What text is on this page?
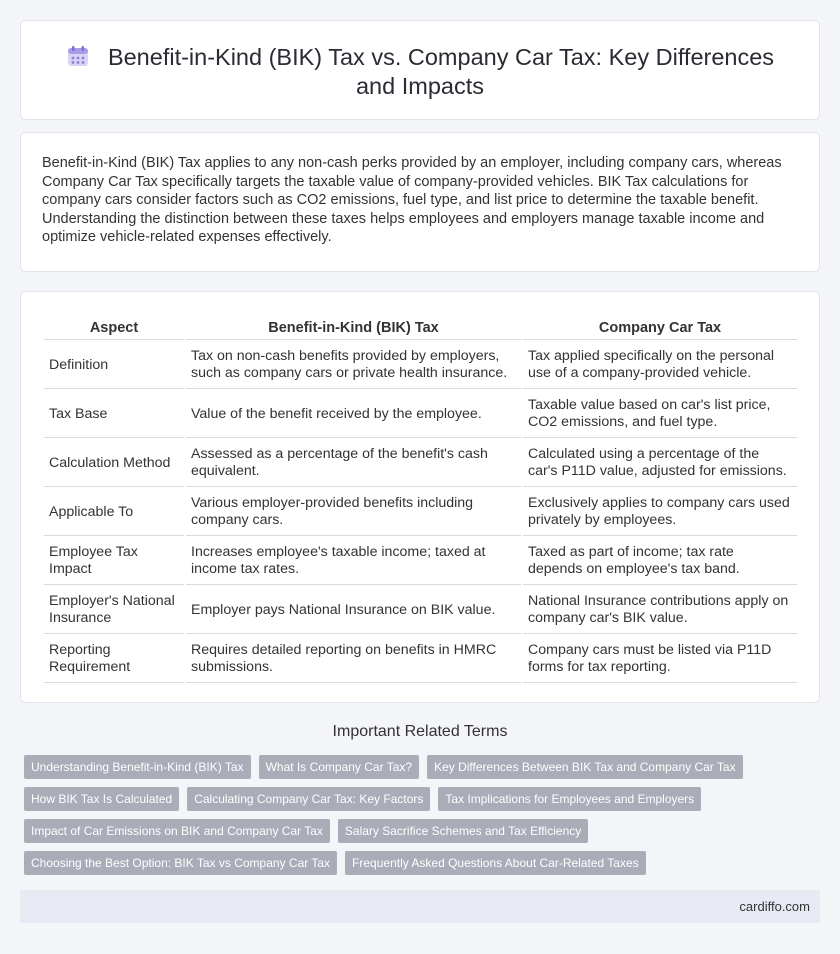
Benefit-in-Kind (BIK) Tax vs. Company Car Tax: Key Differences and Impacts

Benefit-in-Kind (BIK) Tax applies to any non-cash perks provided by an employer, including company cars, whereas Company Car Tax specifically targets the taxable value of company-provided vehicles. BIK Tax calculations for company cars consider factors such as CO2 emissions, fuel type, and list price to determine the taxable benefit. Understanding the distinction between these taxes helps employees and employers manage taxable income and optimize vehicle-related expenses effectively.

Aspect	Benefit-in-Kind (BIK) Tax	Company Car Tax
Definition	Tax on non-cash benefits provided by employers, such as company cars or private health insurance.	Tax applied specifically on the personal use of a company-provided vehicle.
Tax Base	Value of the benefit received by the employee.	Taxable value based on car's list price, CO2 emissions, and fuel type.
Calculation Method	Assessed as a percentage of the benefit's cash equivalent.	Calculated using a percentage of the car's P11D value, adjusted for emissions.
Applicable To	Various employer-provided benefits including company cars.	Exclusively applies to company cars used privately by employees.
Employee Tax Impact	Increases employee's taxable income; taxed at income tax rates.	Taxed as part of income; tax rate depends on employee's tax band.
Employer's National Insurance	Employer pays National Insurance on BIK value.	National Insurance contributions apply on company car's BIK value.
Reporting Requirement	Requires detailed reporting on benefits in HMRC submissions.	Company cars must be listed via P11D forms for tax reporting.
Important Related Terms
Understanding Benefit-in-Kind (BIK) Tax	What Is Company Car Tax?	Key Differences Between BIK Tax and Company Car Tax
How BIK Tax Is Calculated	Calculating Company Car Tax: Key Factors	Tax Implications for Employees and Employers
Impact of Car Emissions on BIK and Company Car Tax	Salary Sacrifice Schemes and Tax Efficiency
Choosing the Best Option: BIK Tax vs Company Car Tax	Frequently Asked Questions About Car-Related Taxes
cardiffo.com
